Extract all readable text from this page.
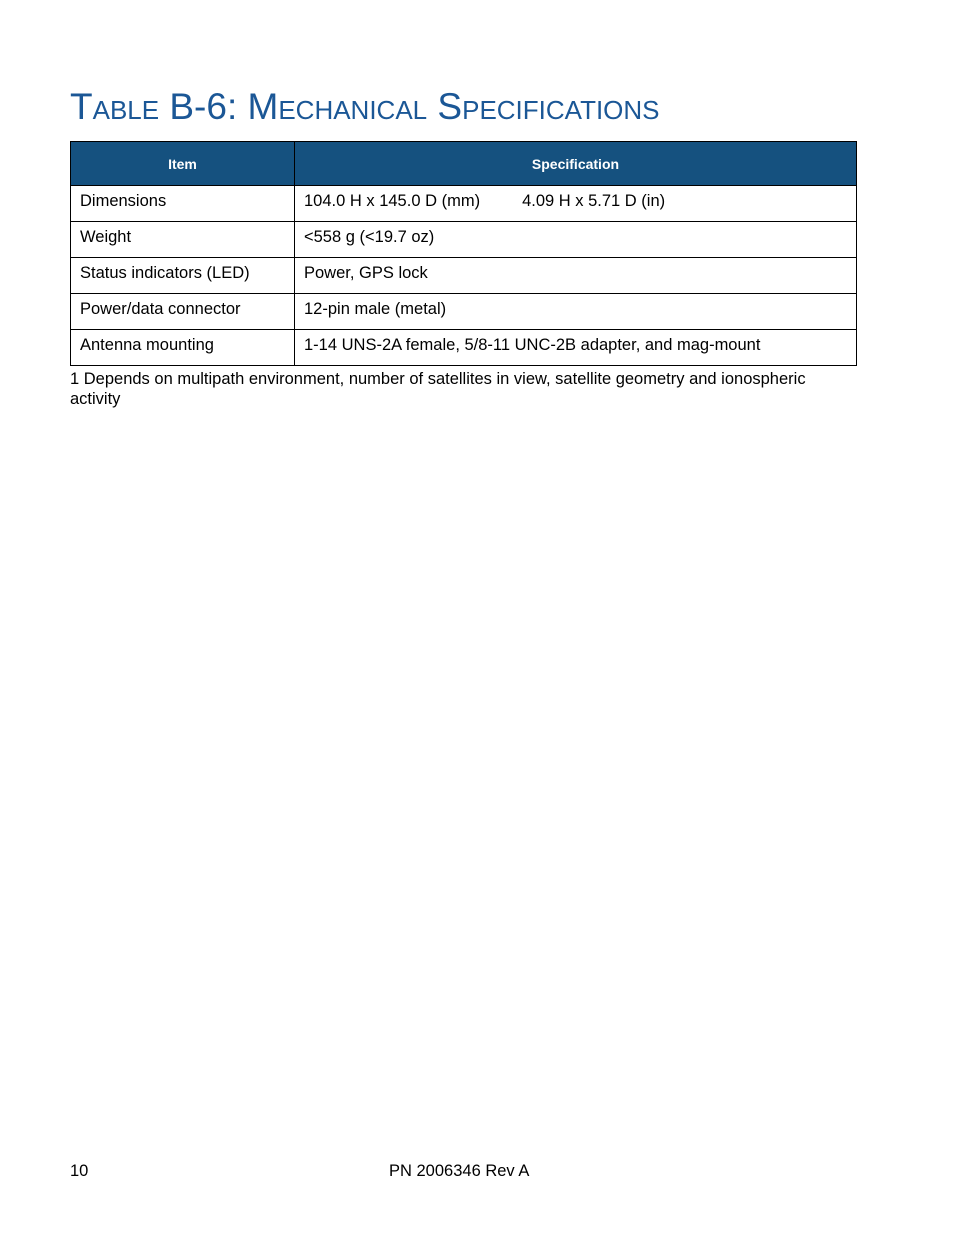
Table B-6: Mechanical Specifications
Item	Specification
Dimensions	104.0 H x 145.0 D (mm) 4.09 H x 5.71 D (in)
Weight	<558 g (<19.7 oz)
Status indicators (LED)	Power, GPS lock
Power/data connector	12-pin male (metal)
Antenna mounting	1-14 UNS-2A female, 5/8-11 UNC-2B adapter, and mag-mount

1 Depends on multipath environment, number of satellites in view, satellite geometry and ionospheric activity

10	PN 2006346 Rev A
